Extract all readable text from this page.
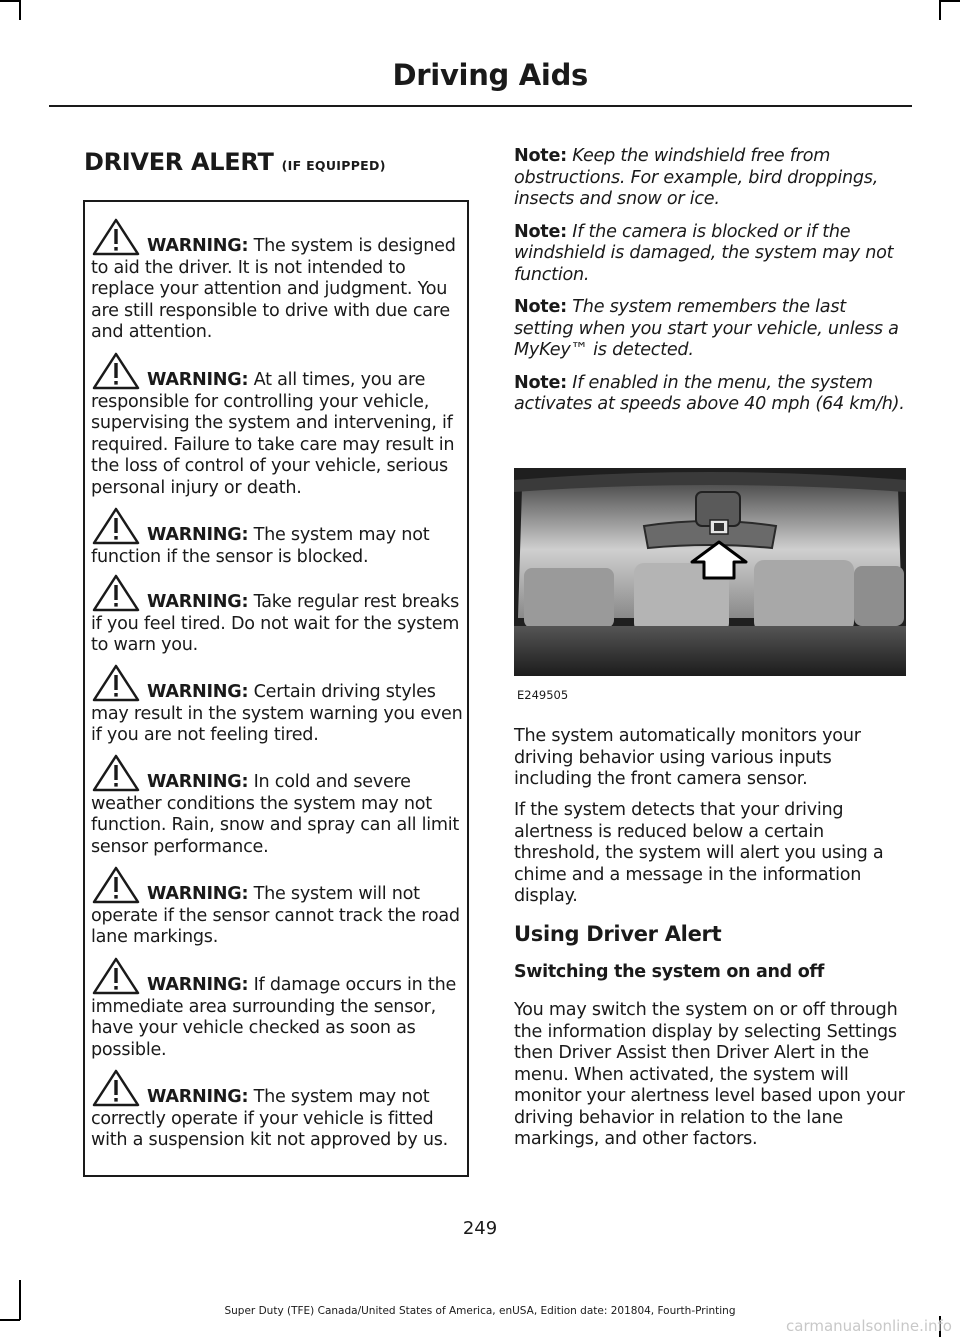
Driving Aids
DRIVER ALERT (IF EQUIPPED)
WARNING: The system is designed to aid the driver. It is not intended to replace your attention and judgment. You are still responsible to drive with due care and attention.
WARNING: At all times, you are responsible for controlling your vehicle, supervising the system and intervening, if required. Failure to take care may result in the loss of control of your vehicle, serious personal injury or death.
WARNING: The system may not function if the sensor is blocked.
WARNING: Take regular rest breaks if you feel tired. Do not wait for the system to warn you.
WARNING: Certain driving styles may result in the system warning you even if you are not feeling tired.
WARNING: In cold and severe weather conditions the system may not function. Rain, snow and spray can all limit sensor performance.
WARNING: The system will not operate if the sensor cannot track the road lane markings.
WARNING: If damage occurs in the immediate area surrounding the sensor, have your vehicle checked as soon as possible.
WARNING: The system may not correctly operate if your vehicle is fitted with a suspension kit not approved by us.

Note: Keep the windshield free from obstructions. For example, bird droppings, insects and snow or ice.

Note: If the camera is blocked or if the windshield is damaged, the system may not function.

Note: The system remembers the last setting when you start your vehicle, unless a MyKey™ is detected.

Note: If enabled in the menu, the system activates at speeds above 40 mph (64 km/h).

E249505

The system automatically monitors your driving behavior using various inputs including the front camera sensor.

If the system detects that your driving alertness is reduced below a certain threshold, the system will alert you using a chime and a message in the information display.

Using Driver Alert
Switching the system on and off

You may switch the system on or off through the information display by selecting Settings then Driver Assist then Driver Alert in the menu. When activated, the system will monitor your alertness level based upon your driving behavior in relation to the lane markings, and other factors.

249
Super Duty (TFE) Canada/United States of America, enUSA, Edition date: 201804, Fourth-Printing
carmanualsonline.info
